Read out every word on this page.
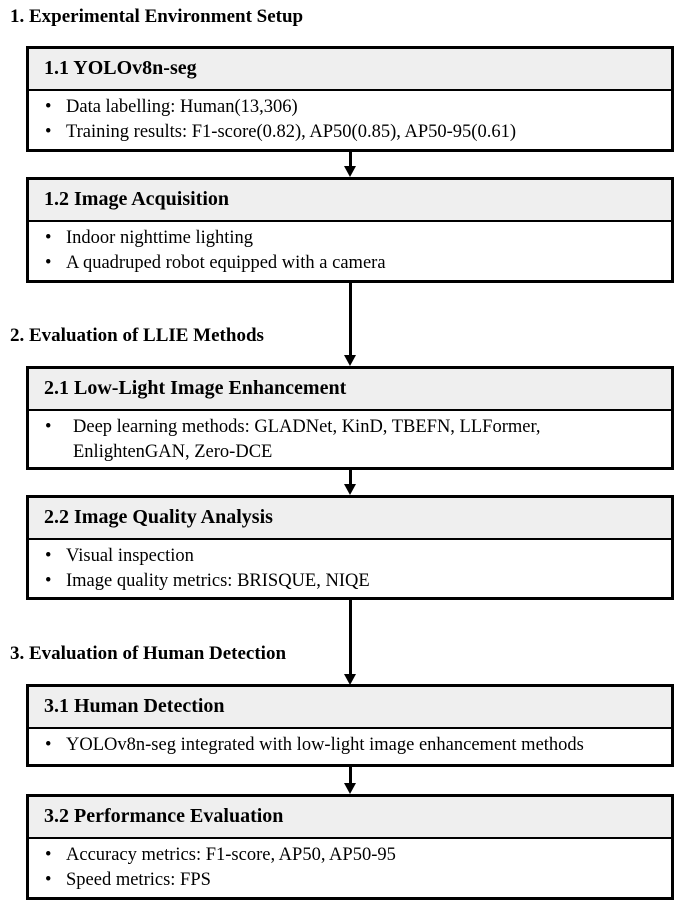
1. Experimental Environment Setup
1.1 YOLOv8n-seg
• Data labelling: Human(13,306)
• Training results: F1-score(0.82), AP50(0.85), AP50-95(0.61)
1.2 Image Acquisition
• Indoor nighttime lighting
• A quadruped robot equipped with a camera
2. Evaluation of LLIE Methods
2.1 Low-Light Image Enhancement
• Deep learning methods: GLADNet, KinD, TBEFN, LLFormer,
EnlightenGAN, Zero-DCE
2.2 Image Quality Analysis
• Visual inspection
• Image quality metrics: BRISQUE, NIQE
3. Evaluation of Human Detection
3.1 Human Detection
• YOLOv8n-seg integrated with low-light image enhancement methods
3.2 Performance Evaluation
• Accuracy metrics: F1-score, AP50, AP50-95
• Speed metrics: FPS
